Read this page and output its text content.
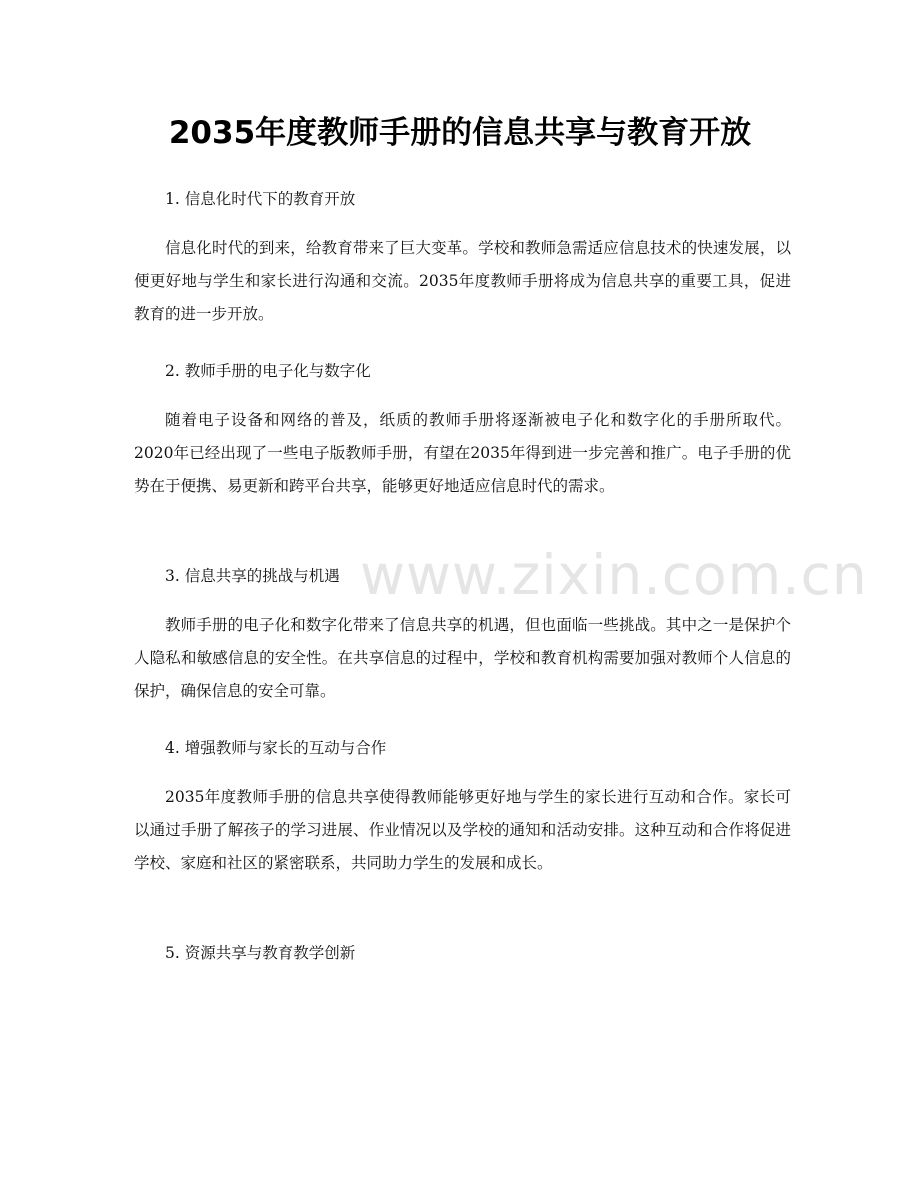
2035年度教师手册的信息共享与教育开放
www.zixin.com.cn

1. 信息化时代下的教育开放

信息化时代的到来，给教育带来了巨大变革。学校和教师急需适应信息技术的快速发展，以便更好地与学生和家长进行沟通和交流。2035年度教师手册将成为信息共享的重要工具，促进教育的进一步开放。

2. 教师手册的电子化与数字化

随着电子设备和网络的普及，纸质的教师手册将逐渐被电子化和数字化的手册所取代。2020年已经出现了一些电子版教师手册，有望在2035年得到进一步完善和推广。电子手册的优势在于便携、易更新和跨平台共享，能够更好地适应信息时代的需求。

3. 信息共享的挑战与机遇

教师手册的电子化和数字化带来了信息共享的机遇，但也面临一些挑战。其中之一是保护个人隐私和敏感信息的安全性。在共享信息的过程中，学校和教育机构需要加强对教师个人信息的保护，确保信息的安全可靠。

4. 增强教师与家长的互动与合作

2035年度教师手册的信息共享使得教师能够更好地与学生的家长进行互动和合作。家长可以通过手册了解孩子的学习进展、作业情况以及学校的通知和活动安排。这种互动和合作将促进学校、家庭和社区的紧密联系，共同助力学生的发展和成长。

5. 资源共享与教育教学创新
